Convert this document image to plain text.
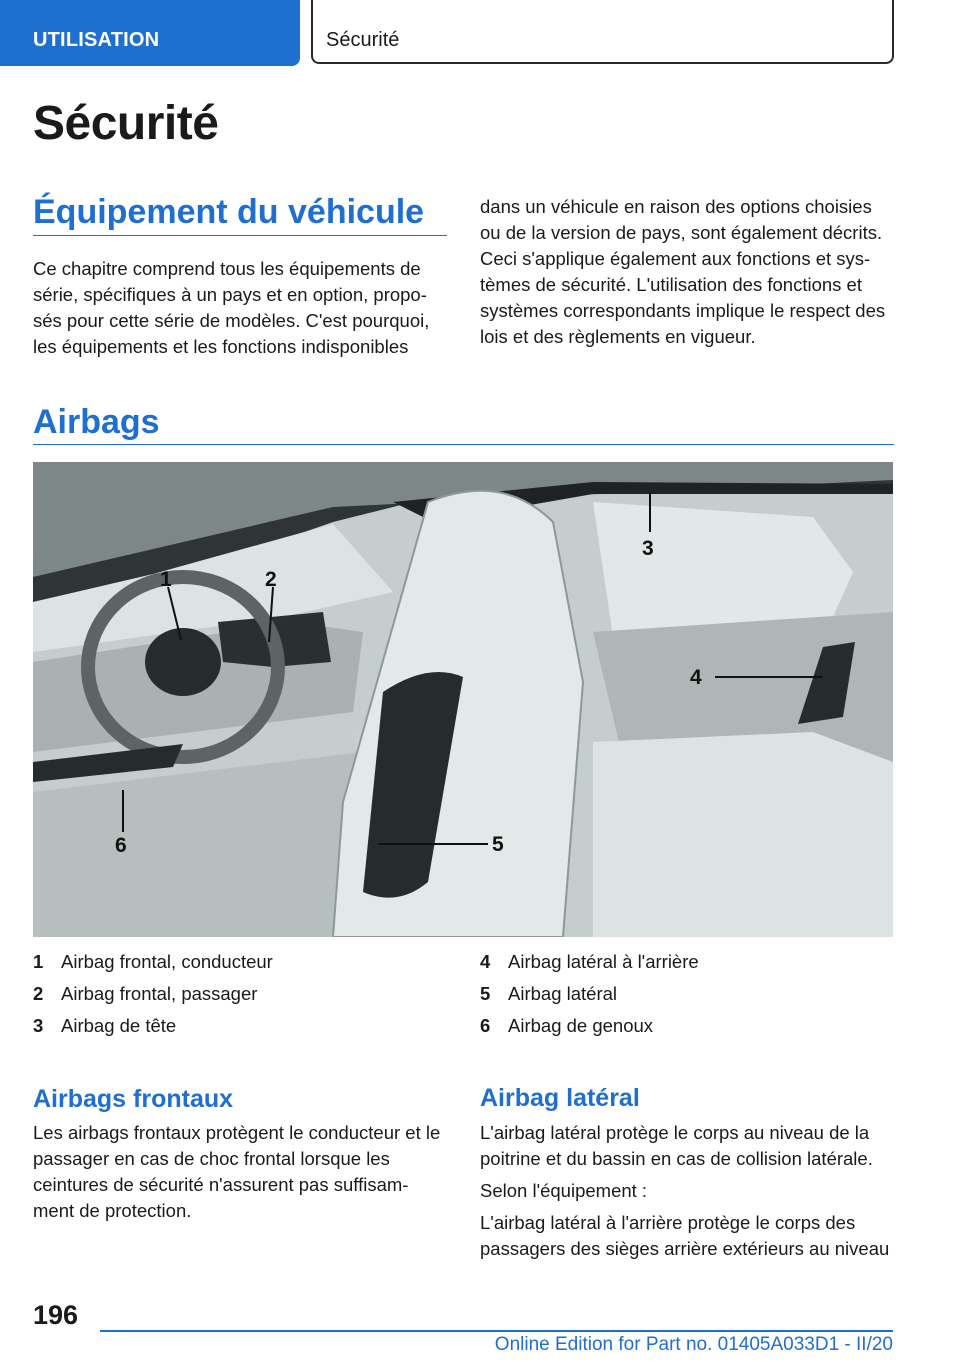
UTILISATION	Sécurité
Sécurité
Équipement du véhicule

Ce chapitre comprend tous les équipements de série, spécifiques à un pays et en option, propo-sés pour cette série de modèles. C'est pourquoi, les équipements et les fonctions indisponibles

dans un véhicule en raison des options choisies ou de la version de pays, sont également décrits. Ceci s'applique également aux fonctions et sys-tèmes de sécurité. L'utilisation des fonctions et systèmes correspondants implique le respect des lois et des règlements en vigueur.

Airbags
1	2
3
4
5
6
1 Airbag frontal, conducteur
2 Airbag frontal, passager
3 Airbag de tête
4 Airbag latéral à l'arrière
5 Airbag latéral
6 Airbag de genoux
Airbags frontaux

Les airbags frontaux protègent le conducteur et le passager en cas de choc frontal lorsque les ceintures de sécurité n'assurent pas suffisam-ment de protection.

Airbag latéral

L'airbag latéral protège le corps au niveau de la poitrine et du bassin en cas de collision latérale.

Selon l'équipement :

L'airbag latéral à l'arrière protège le corps des passagers des sièges arrière extérieurs au niveau

196
Online Edition for Part no. 01405A033D1 - II/20
